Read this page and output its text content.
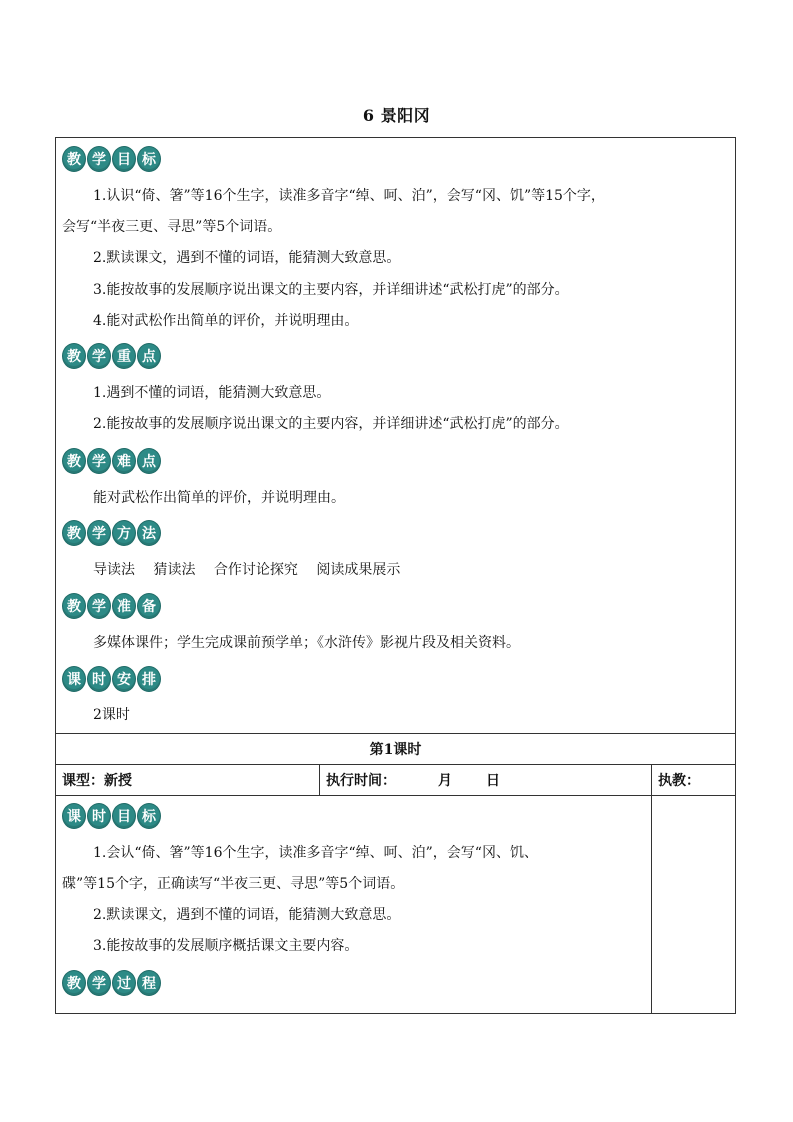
6 景阳冈
教 学 目 标
1.认识“倚、箸”等16个生字，读准多音字“绰、呵、泊”，会写“冈、饥”等15个字，
会写“半夜三更、寻思”等5个词语。
2.默读课文，遇到不懂的词语，能猜测大致意思。
3.能按故事的发展顺序说出课文的主要内容，并详细讲述“武松打虎”的部分。
4.能对武松作出简单的评价，并说明理由。
教 学 重 点
1.遇到不懂的词语，能猜测大致意思。
2.能按故事的发展顺序说出课文的主要内容，并详细讲述“武松打虎”的部分。
教 学 难 点
能对武松作出简单的评价，并说明理由。
教 学 方 法
导读法 猜读法 合作讨论探究 阅读成果展示
教 学 准 备
多媒体课件；学生完成课前预学单；《水浒传》影视片段及相关资料。
课 时 安 排
2课时
第1课时
课型：新授	执行时间：	月 日	执教：
课 时 目 标
1.会认“倚、箸”等16个生字，读准多音字“绰、呵、泊”，会写“冈、饥、
碟”等15个字，正确读写“半夜三更、寻思”等5个词语。
2.默读课文，遇到不懂的词语，能猜测大致意思。
3.能按故事的发展顺序概括课文主要内容。
教 学 过 程
